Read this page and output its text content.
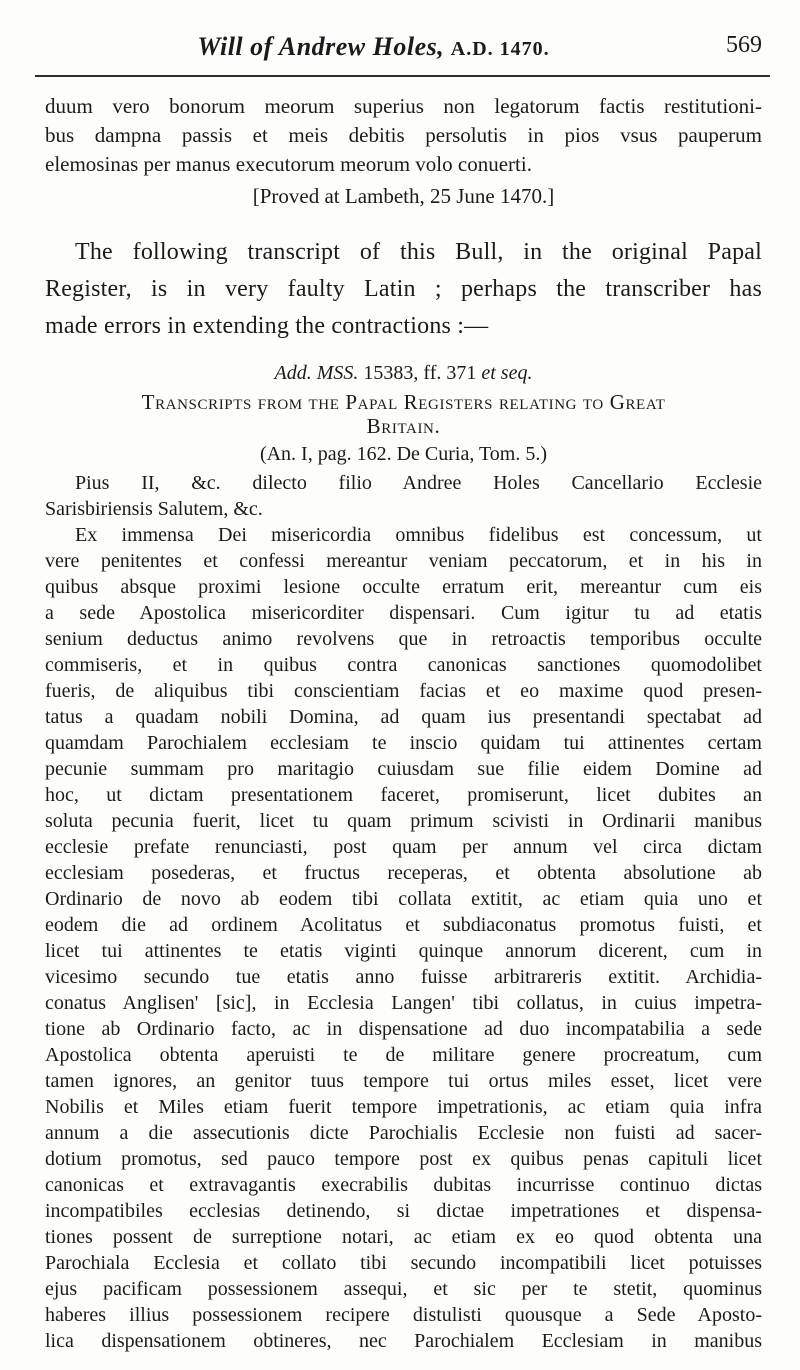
Will of Andrew Holes, A.D. 1470.	569
duum vero bonorum meorum superius non legatorum factis restitutioni-
bus dampna passis et meis debitis persolutis in pios vsus pauperum
elemosinas per manus executorum meorum volo conuerti.
[Proved at Lambeth, 25 June 1470.]
The following transcript of this Bull, in the original Papal
Register, is in very faulty Latin ; perhaps the transcriber has
made errors in extending the contractions :—
Add. MSS. 15383, ff. 371 et seq.
Transcripts from the Papal Registers relating to Great
Britain.
(An. I, pag. 162. De Curia, Tom. 5.)
Pius II, &c. dilecto filio Andree Holes Cancellario Ecclesie
Sarisbiriensis Salutem, &c.
Ex immensa Dei misericordia omnibus fidelibus est concessum, ut
vere penitentes et confessi mereantur veniam peccatorum, et in his in
quibus absque proximi lesione occulte erratum erit, mereantur cum eis
a sede Apostolica misericorditer dispensari. Cum igitur tu ad etatis
senium deductus animo revolvens que in retroactis temporibus occulte
commiseris, et in quibus contra canonicas sanctiones quomodolibet
fueris, de aliquibus tibi conscientiam facias et eo maxime quod presen-
tatus a quadam nobili Domina, ad quam ius presentandi spectabat ad
quamdam Parochialem ecclesiam te inscio quidam tui attinentes certam
pecunie summam pro maritagio cuiusdam sue filie eidem Domine ad
hoc, ut dictam presentationem faceret, promiserunt, licet dubites an
soluta pecunia fuerit, licet tu quam primum scivisti in Ordinarii manibus
ecclesie prefate renunciasti, post quam per annum vel circa dictam
ecclesiam posederas, et fructus receperas, et obtenta absolutione ab
Ordinario de novo ab eodem tibi collata extitit, ac etiam quia uno et
eodem die ad ordinem Acolitatus et subdiaconatus promotus fuisti, et
licet tui attinentes te etatis viginti quinque annorum dicerent, cum in
vicesimo secundo tue etatis anno fuisse arbitrareris extitit. Archidia-
conatus Anglisen' [sic], in Ecclesia Langen' tibi collatus, in cuius impetra-
tione ab Ordinario facto, ac in dispensatione ad duo incompatabilia a sede
Apostolica obtenta aperuisti te de militare genere procreatum, cum
tamen ignores, an genitor tuus tempore tui ortus miles esset, licet vere
Nobilis et Miles etiam fuerit tempore impetrationis, ac etiam quia infra
annum a die assecutionis dicte Parochialis Ecclesie non fuisti ad sacer-
dotium promotus, sed pauco tempore post ex quibus penas capituli licet
canonicas et extravagantis execrabilis dubitas incurrisse continuo dictas
incompatibiles ecclesias detinendo, si dictae impetrationes et dispensa-
tiones possent de surreptione notari, ac etiam ex eo quod obtenta una
Parochiala Ecclesia et collato tibi secundo incompatibili licet potuisses
ejus pacificam possessionem assequi, et sic per te stetit, quominus
haberes illius possessionem recipere distulisti quousque a Sede Aposto-
lica dispensationem obtineres, nec Parochialem Ecclesiam in manibus
